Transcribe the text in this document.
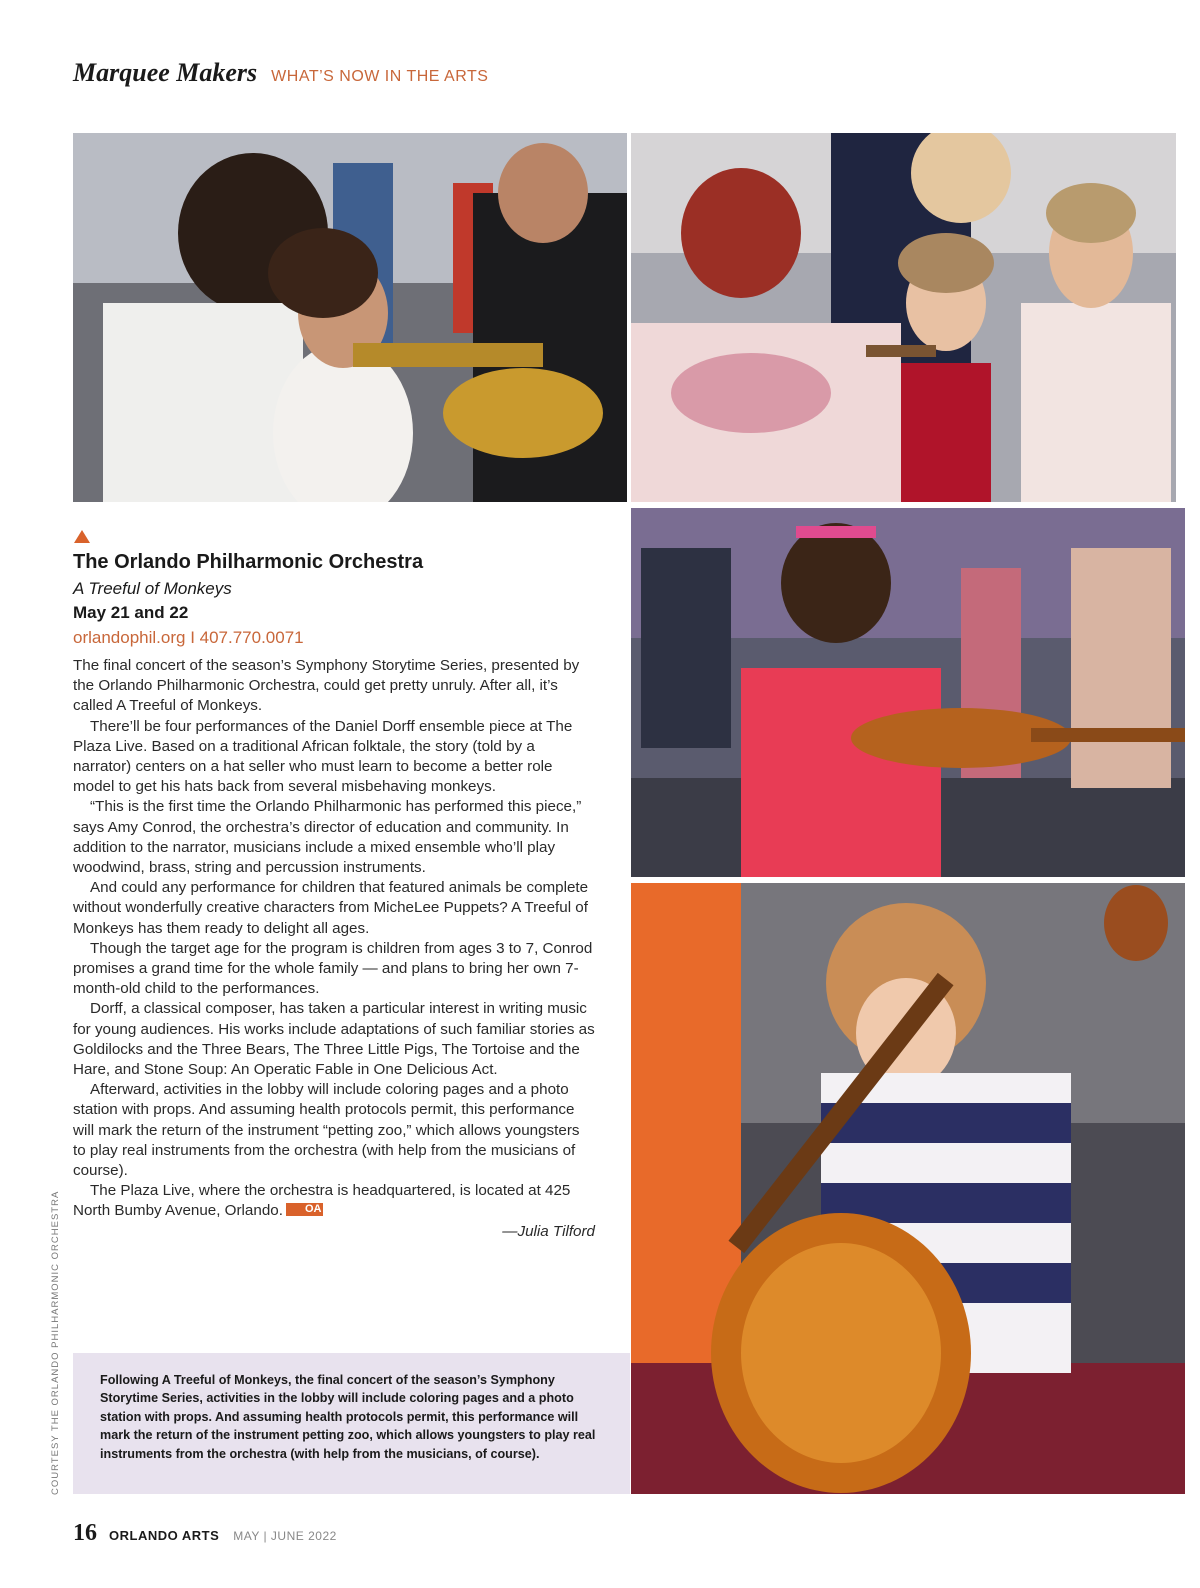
Marquee Makers WHAT’S NOW IN THE ARTS
The Orlando Philharmonic Orchestra
A Treeful of Monkeys
May 21 and 22
orlandophil.org I 407.770.0071

The final concert of the season’s Symphony Storytime Series, presented by the Orlando Philharmonic Orchestra, could get pretty unruly. After all, it’s called A Treeful of Monkeys.

There’ll be four performances of the Daniel Dorff ensemble piece at The Plaza Live. Based on a traditional African folktale, the story (told by a narrator) centers on a hat seller who must learn to become a better role model to get his hats back from several misbehaving monkeys.

“This is the first time the Orlando Philharmonic has performed this piece,” says Amy Conrod, the orchestra’s director of education and community. In addition to the narrator, musicians include a mixed ensemble who’ll play woodwind, brass, string and percussion instruments.

And could any performance for children that featured animals be complete without wonderfully creative characters from MicheLee Puppets? A Treeful of Monkeys has them ready to delight all ages.

Though the target age for the program is children from ages 3 to 7, Conrod promises a grand time for the whole family — and plans to bring her own 7-month-old child to the performances.

Dorff, a classical composer, has taken a particular interest in writing music for young audiences. His works include adaptations of such familiar stories as Goldilocks and the Three Bears, The Three Little Pigs, The Tortoise and the Hare, and Stone Soup: An Operatic Fable in One Delicious Act.

Afterward, activities in the lobby will include coloring pages and a photo station with props. And assuming health protocols permit, this performance will mark the return of the instrument “petting zoo,” which allows youngsters to play real instruments from the orchestra (with help from the musicians of course).

The Plaza Live, where the orchestra is headquartered, is located at 425 North Bumby Avenue, Orlando. OA

—Julia Tilford
Following A Treeful of Monkeys, the final concert of the season’s Symphony Storytime Series, activities in the lobby will include coloring pages and a photo station with props. And assuming health protocols permit, this performance will mark the return of the instrument petting zoo, which allows youngsters to play real instruments from the orchestra (with help from the musicians, of course).
COURTESY THE ORLANDO PHILHARMONIC ORCHESTRA
16 ORLANDO ARTS MAY | JUNE 2022
